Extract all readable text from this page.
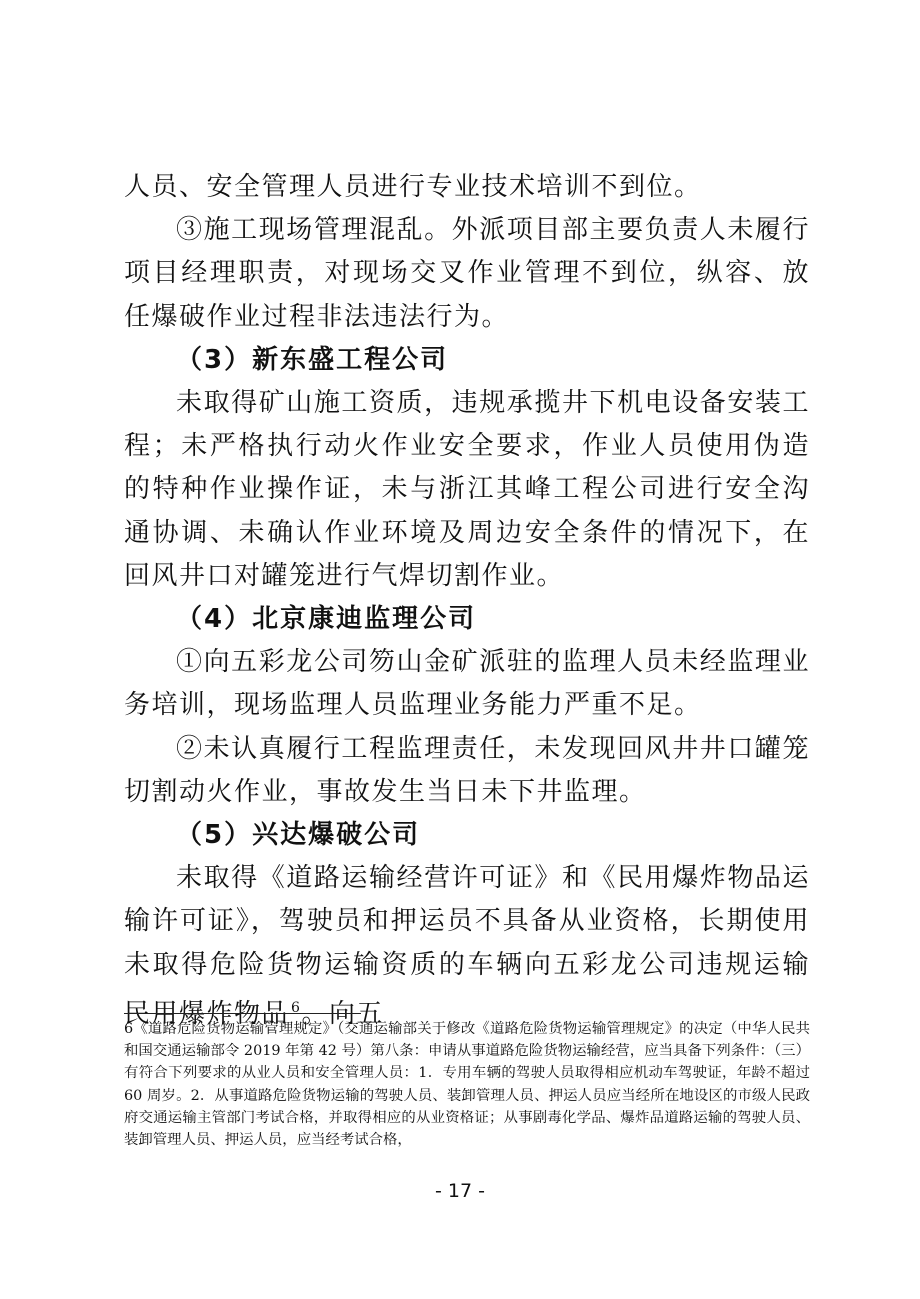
人员、安全管理人员进行专业技术培训不到位。

③施工现场管理混乱。外派项目部主要负责人未履行项目经理职责，对现场交叉作业管理不到位，纵容、放任爆破作业过程非法违法行为。

（3）新东盛工程公司

未取得矿山施工资质，违规承揽井下机电设备安装工程；未严格执行动火作业安全要求，作业人员使用伪造的特种作业操作证，未与浙江其峰工程公司进行安全沟通协调、未确认作业环境及周边安全条件的情况下，在回风井口对罐笼进行气焊切割作业。

（4）北京康迪监理公司

①向五彩龙公司笏山金矿派驻的监理人员未经监理业务培训，现场监理人员监理业务能力严重不足。

②未认真履行工程监理责任，未发现回风井井口罐笼切割动火作业，事故发生当日未下井监理。

（5）兴达爆破公司

未取得《道路运输经营许可证》和《民用爆炸物品运输许可证》，驾驶员和押运员不具备从业资格，长期使用未取得危险货物运输资质的车辆向五彩龙公司违规运输民用爆炸物品 $^6$。向五

6《道路危险货物运输管理规定》（交通运输部关于修改《道路危险货物运输管理规定》的决定（中华人民共和国交通运输部令 2019 年第 42 号）第八条：申请从事道路危险货物运输经营，应当具备下列条件：（三）有符合下列要求的从业人员和安全管理人员：1．专用车辆的驾驶人员取得相应机动车驾驶证，年龄不超过 60 周岁。2．从事道路危险货物运输的驾驶人员、装卸管理人员、押运人员应当经所在地设区的市级人民政府交通运输主管部门考试合格，并取得相应的从业资格证；从事剧毒化学品、爆炸品道路运输的驾驶人员、装卸管理人员、押运人员，应当经考试合格，
- 17 -
